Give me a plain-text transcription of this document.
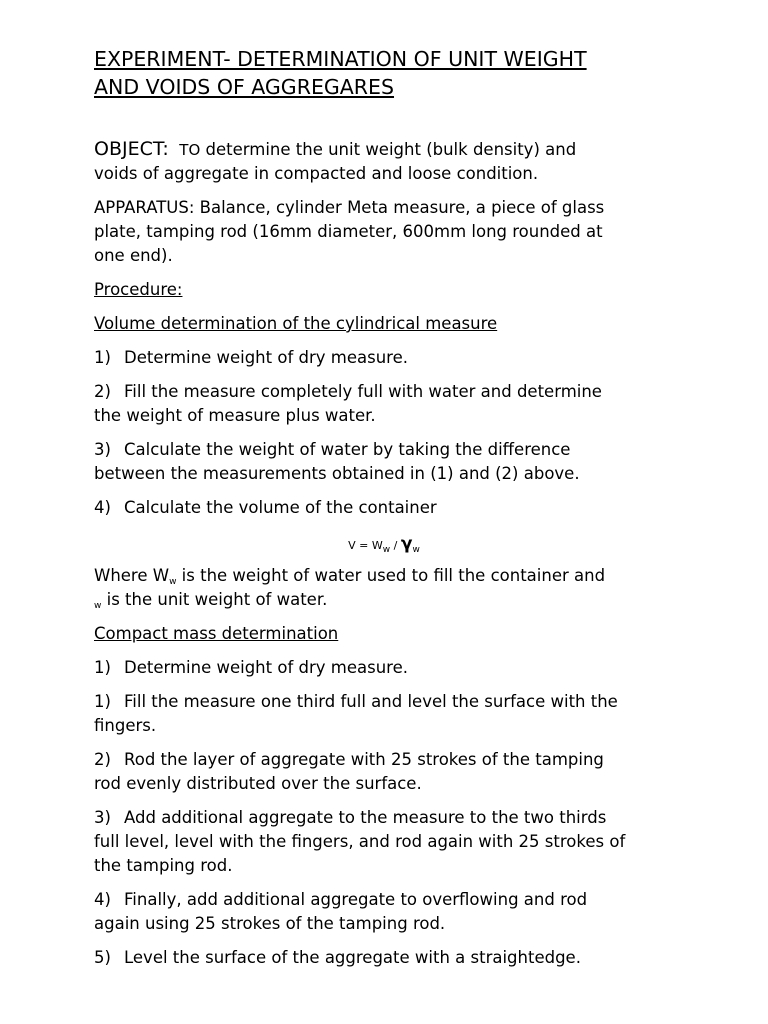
EXPERIMENT- DETERMINATION OF UNIT WEIGHT
AND VOIDS OF AGGREGARES
OBJECT: TO determine the unit weight (bulk density) and
voids of aggregate in compacted and loose condition.
APPARATUS: Balance, cylinder Meta measure, a piece of glass
plate, tamping rod (16mm diameter, 600mm long rounded at
one end).
Procedure:
Volume determination of the cylindrical measure
1) Determine weight of dry measure.
2) Fill the measure completely full with water and determine
the weight of measure plus water.
3) Calculate the weight of water by taking the difference
between the measurements obtained in (1) and (2) above.
4) Calculate the volume of the container
$V = W_w / \gamma_w$
Where $W_w$ is the weight of water used to fill the container and
$_w$ is the unit weight of water.
Compact mass determination
1) Determine weight of dry measure.
1) Fill the measure one third full and level the surface with the
fingers.
2) Rod the layer of aggregate with 25 strokes of the tamping
rod evenly distributed over the surface.
3) Add additional aggregate to the measure to the two thirds
full level, level with the fingers, and rod again with 25 strokes of
the tamping rod.
4) Finally, add additional aggregate to overflowing and rod
again using 25 strokes of the tamping rod.
5) Level the surface of the aggregate with a straightedge.
